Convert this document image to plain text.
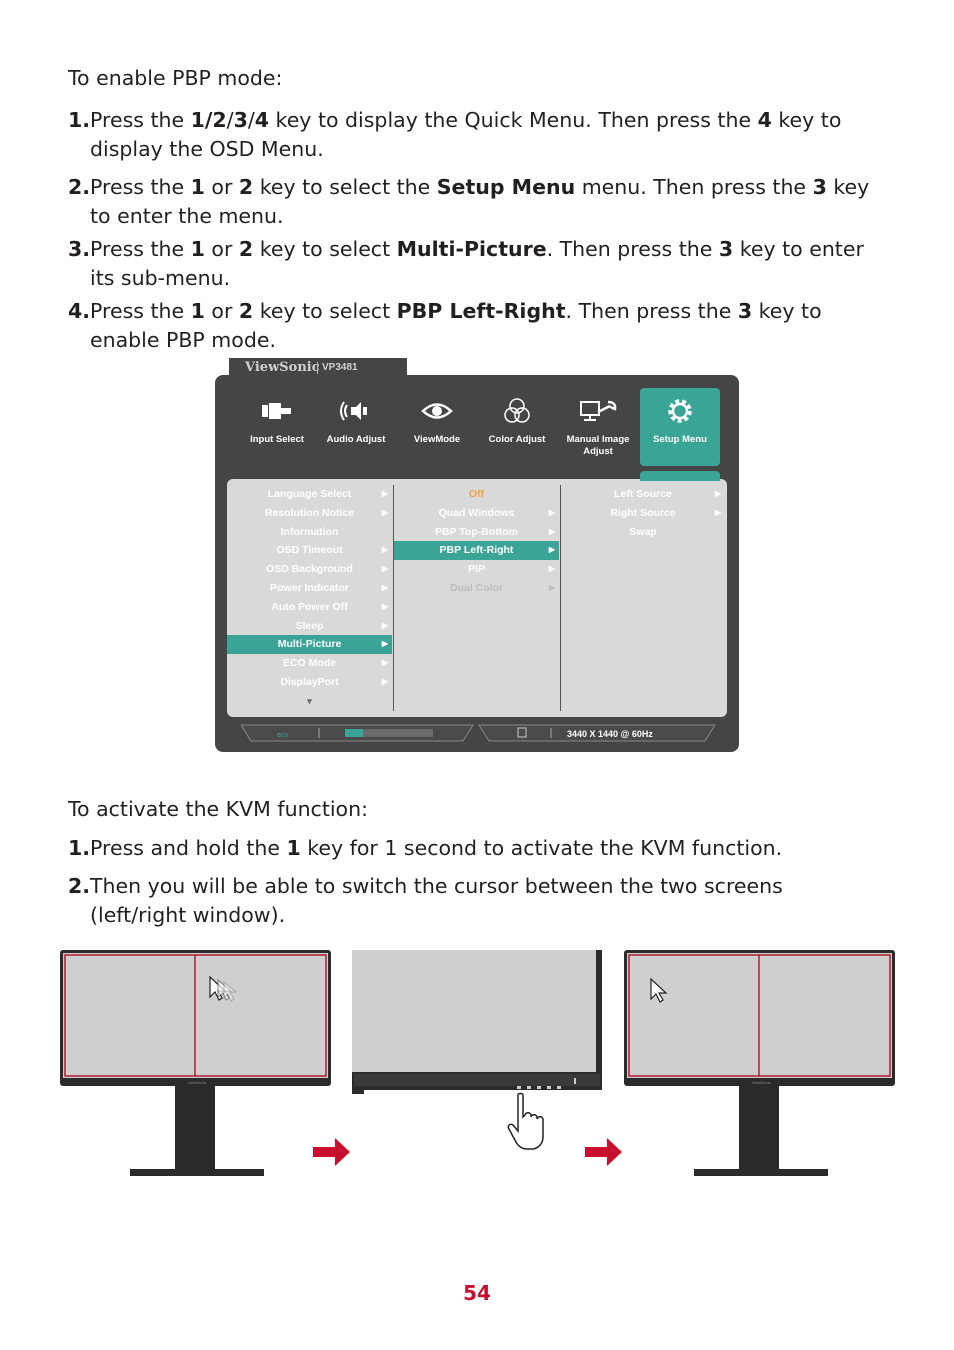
To enable PBP mode:
1. Press the 1/2/3/4 key to display the Quick Menu. Then press the 4 key to display the OSD Menu.
2. Press the 1 or 2 key to select the Setup Menu menu. Then press the 3 key to enter the menu.
3. Press the 1 or 2 key to select Multi-Picture. Then press the 3 key to enter its sub-menu.
4. Press the 1 or 2 key to select PBP Left-Right. Then press the 3 key to enable PBP mode.
ViewSonic VP3481
Input Select	Audio Adjust	ViewMode	Color Adjust	Manual Image Adjust
Setup Menu
Language Select	▶
Resolution Notice	▶
Information
OSD Timeout	▶
OSD Background	▶
Power Indicator	▶
Auto Power Off	▶
Sleep	▶
Multi-Picture	▶
ECO Mode	▶
DisplayPort	▶
▾
Off
Quad Windows	▶
PBP Top-Bottom	▶
PBP Left-Right	▶
PIP	▶
Dual Color	▶
Left Source	▶
Right Source	▶
Swap
eco	3440 X 1440 @ 60Hz
To activate the KVM function:
1. Press and hold the 1 key for 1 second to activate the KVM function.
2. Then you will be able to switch the cursor between the two screens (left/right window).
ViewSonic	ViewSonic
54
